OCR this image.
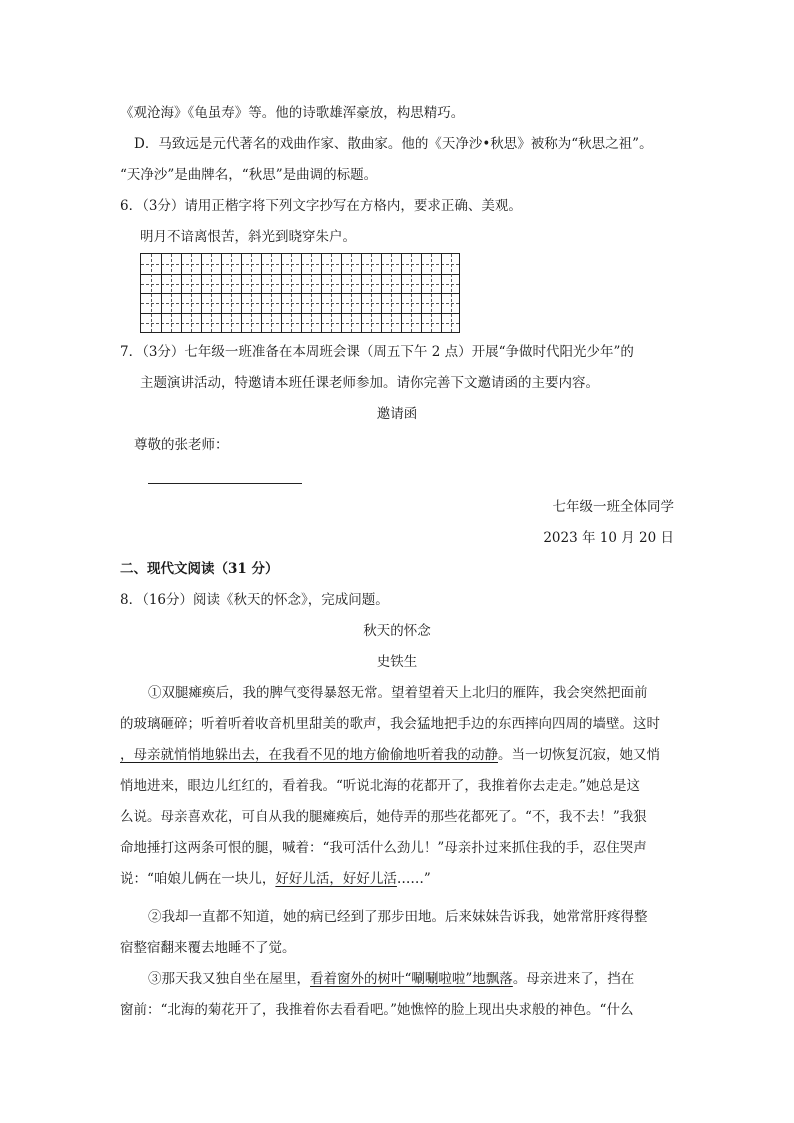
《观沧海》《龟虽寿》等。他的诗歌雄浑豪放，构思精巧。
D．马致远是元代著名的戏曲作家、散曲家。他的《天净沙•秋思》被称为“秋思之祖”。
“天净沙”是曲牌名，“秋思”是曲调的标题。
6．（3分）请用正楷字将下列文字抄写在方格内，要求正确、美观。
明月不谙离恨苦，斜光到晓穿朱户。
7．（3分）七年级一班准备在本周班会课（周五下午 2 点）开展“争做时代阳光少年”的
主题演讲活动，特邀请本班任课老师参加。请你完善下文邀请函的主要内容。
邀请函
尊敬的张老师：
七年级一班全体同学
2023 年 10 月 20 日
二、现代文阅读（31 分）
8．（16分）阅读《秋天的怀念》，完成问题。
秋天的怀念
史铁生
①双腿瘫痪后，我的脾气变得暴怒无常。望着望着天上北归的雁阵，我会突然把面前
的玻璃砸碎；听着听着收音机里甜美的歌声，我会猛地把手边的东西摔向四周的墙壁。这时
，母亲就悄悄地躲出去，在我看不见的地方偷偷地听着我的动静。当一切恢复沉寂，她又悄
悄地进来，眼边儿红红的，看着我。“听说北海的花都开了，我推着你去走走。”她总是这
么说。母亲喜欢花，可自从我的腿瘫痪后，她侍弄的那些花都死了。“不，我不去！”我狠
命地捶打这两条可恨的腿，喊着：“我可活什么劲儿！”母亲扑过来抓住我的手，忍住哭声
说：“咱娘儿俩在一块儿，好好儿活，好好儿活……”
②我却一直都不知道，她的病已经到了那步田地。后来妹妹告诉我，她常常肝疼得整
宿整宿翻来覆去地睡不了觉。
③那天我又独自坐在屋里，看着窗外的树叶“唰唰啦啦”地飘落。母亲进来了，挡在
窗前：“北海的菊花开了，我推着你去看看吧。”她憔悴的脸上现出央求般的神色。“什么
